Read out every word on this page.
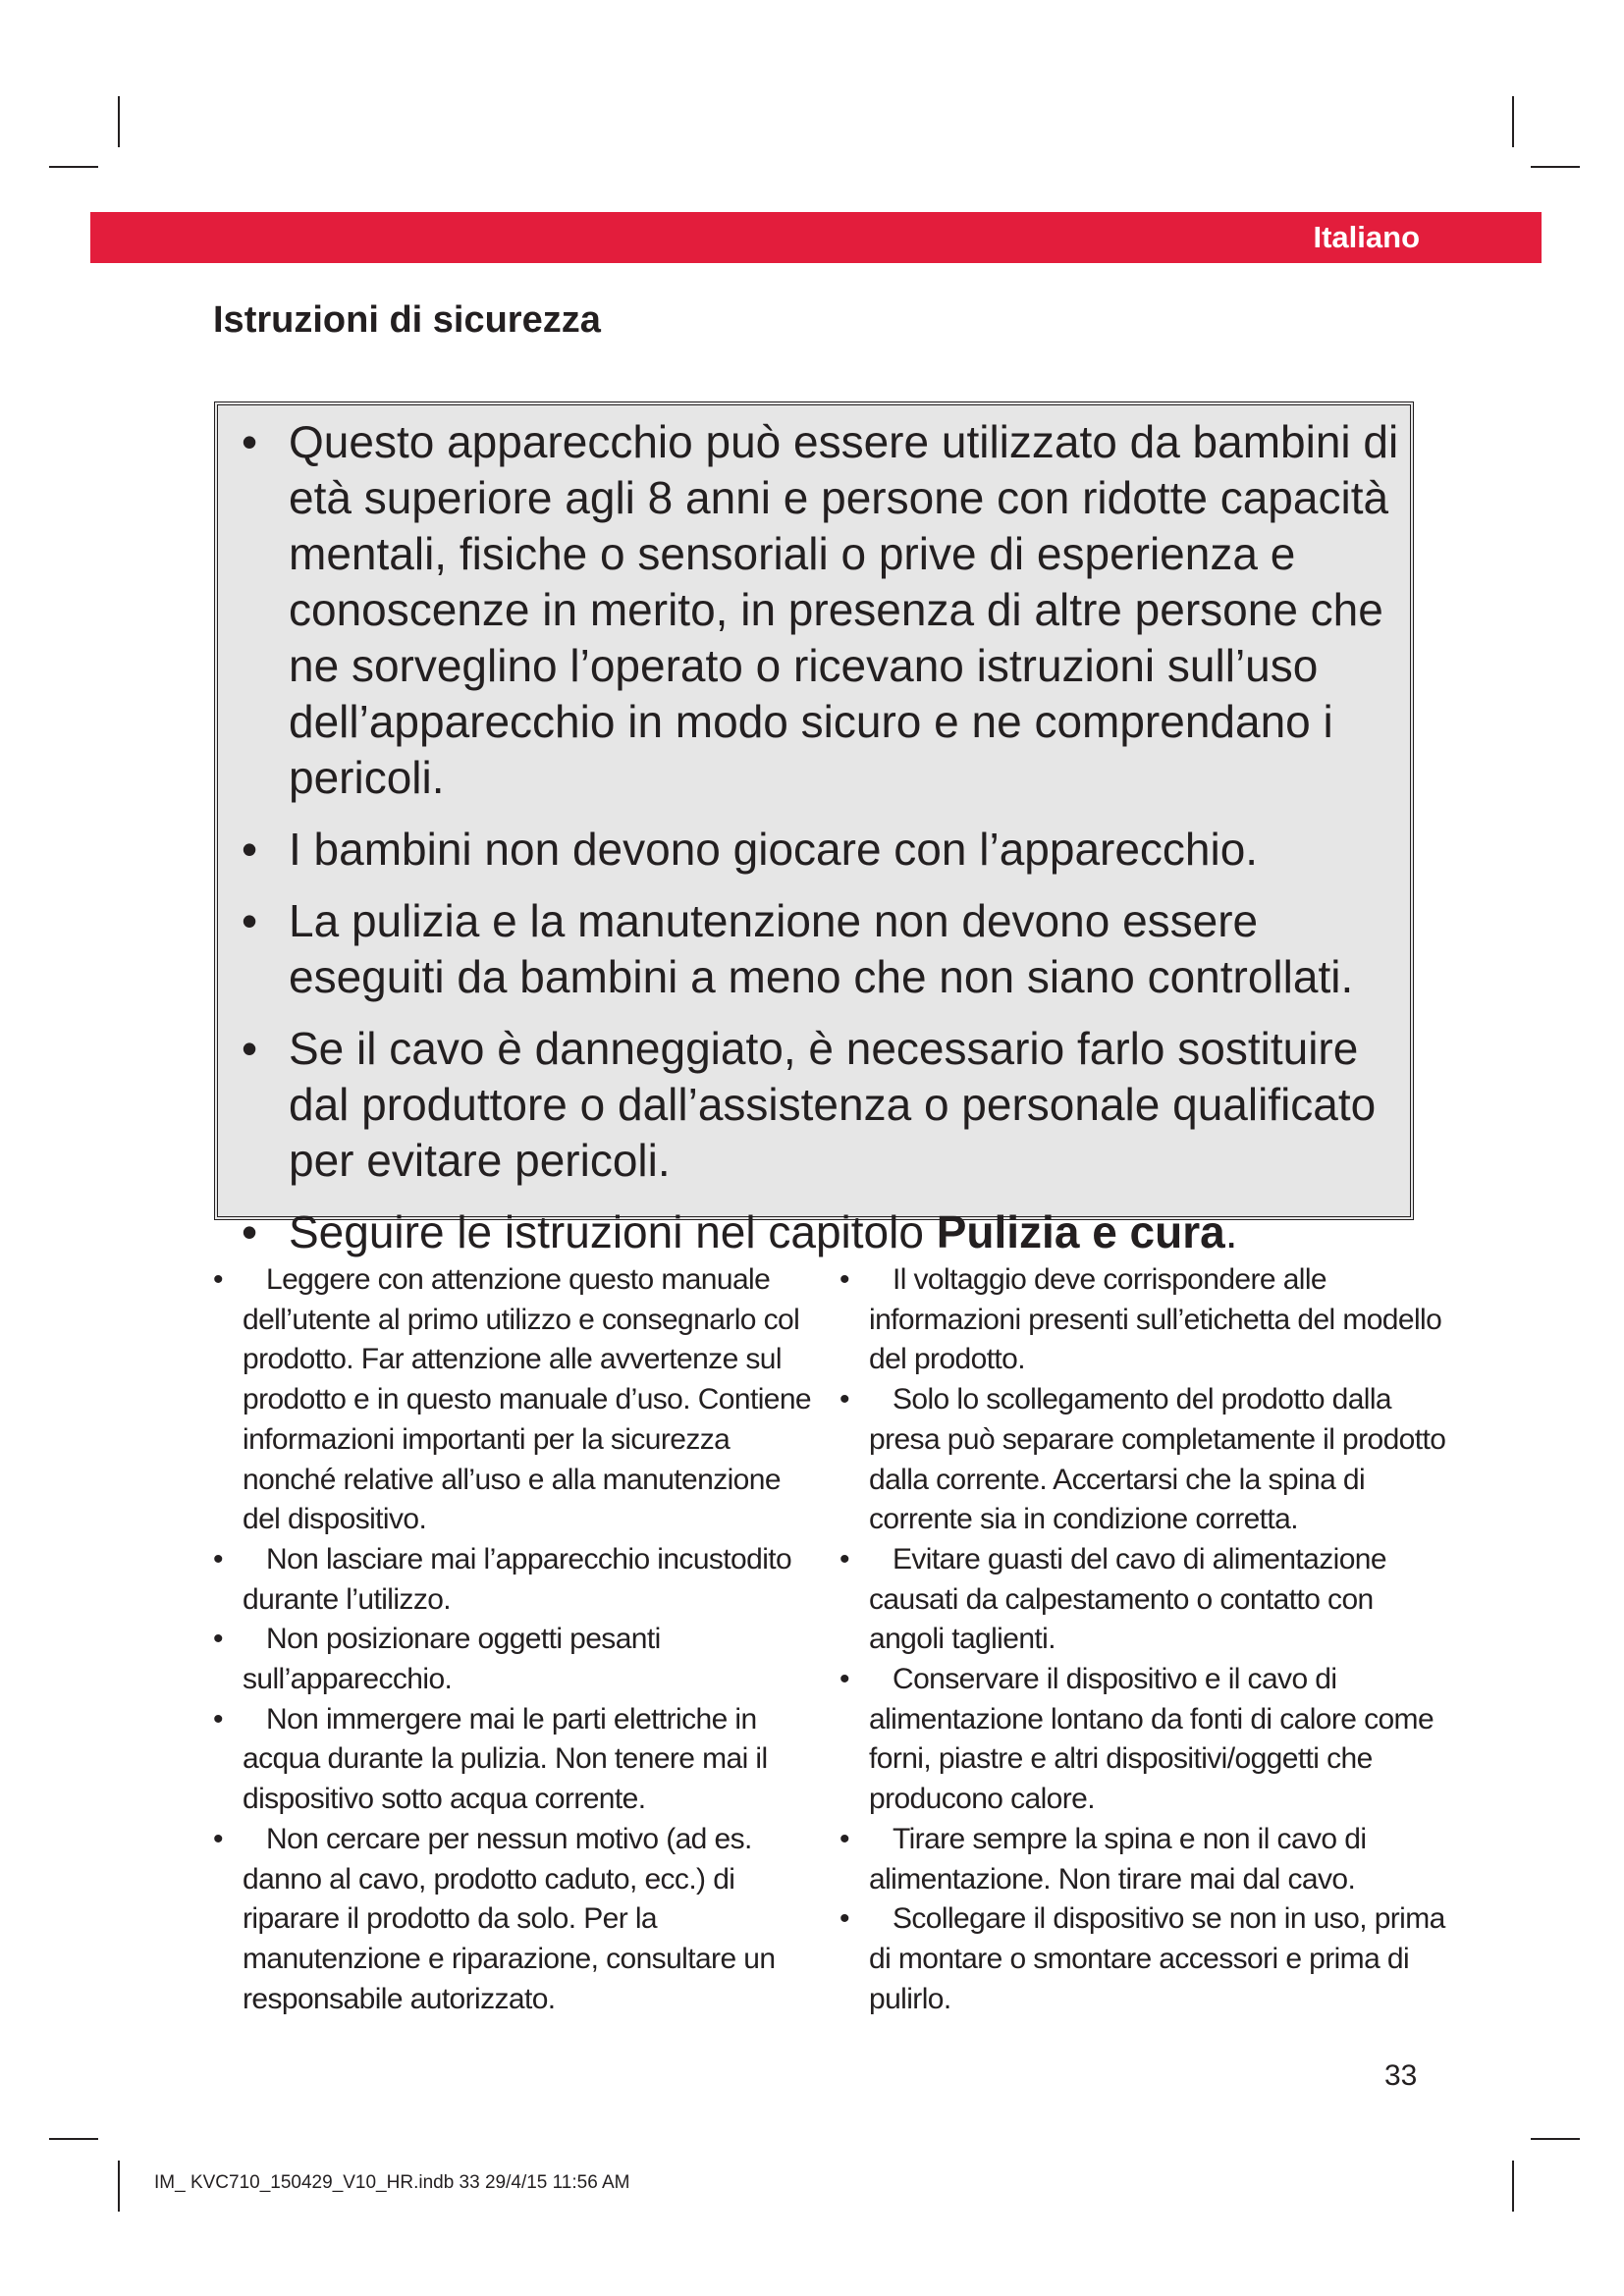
Italiano
Istruzioni di sicurezza
• Questo apparecchio può essere utilizzato da bambini di età superiore agli 8 anni e persone con ridotte capacità mentali, fisiche o sensoriali o prive di esperienza e conoscenze in merito, in presenza di altre persone che ne sorveglino l’operato o ricevano istruzioni sull’uso dell’apparecchio in modo sicuro e ne comprendano i pericoli.
• I bambini non devono giocare con l’apparecchio.
• La pulizia e la manutenzione non devono essere eseguiti da bambini a meno che non siano controllati.
• Se il cavo è danneggiato, è necessario farlo sostituire dal produttore o dall’assistenza o personale qualificato per evitare pericoli.
• Seguire le istruzioni nel capitolo Pulizia e cura.
• Leggere con attenzione questo manuale dell’utente al primo utilizzo e consegnarlo col prodotto. Far attenzione alle avvertenze sul prodotto e in questo manuale d’uso. Contiene informazioni importanti per la sicurezza nonché relative all’uso e alla manutenzione del dispositivo.
• Non lasciare mai l’apparecchio incustodito durante l’utilizzo.
• Non posizionare oggetti pesanti sull’apparecchio.
• Non immergere mai le parti elettriche in acqua durante la pulizia. Non tenere mai il dispositivo sotto acqua corrente.
• Non cercare per nessun motivo (ad es. danno al cavo, prodotto caduto, ecc.) di riparare il prodotto da solo. Per la manutenzione e riparazione, consultare un responsabile autorizzato.
• Il voltaggio deve corrispondere alle informazioni presenti sull’etichetta del modello del prodotto.
• Solo lo scollegamento del prodotto dalla presa può separare completamente il prodotto dalla corrente. Accertarsi che la spina di corrente sia in condizione corretta.
• Evitare guasti del cavo di alimentazione causati da calpestamento o contatto con angoli taglienti.
• Conservare il dispositivo e il cavo di alimentazione lontano da fonti di calore come forni, piastre e altri dispositivi/oggetti che producono calore.
• Tirare sempre la spina e non il cavo di alimentazione. Non tirare mai dal cavo.
• Scollegare il dispositivo se non in uso, prima di montare o smontare accessori e prima di pulirlo.
33
IM_ KVC710_150429_V10_HR.indb 33 29/4/15 11:56 AM
